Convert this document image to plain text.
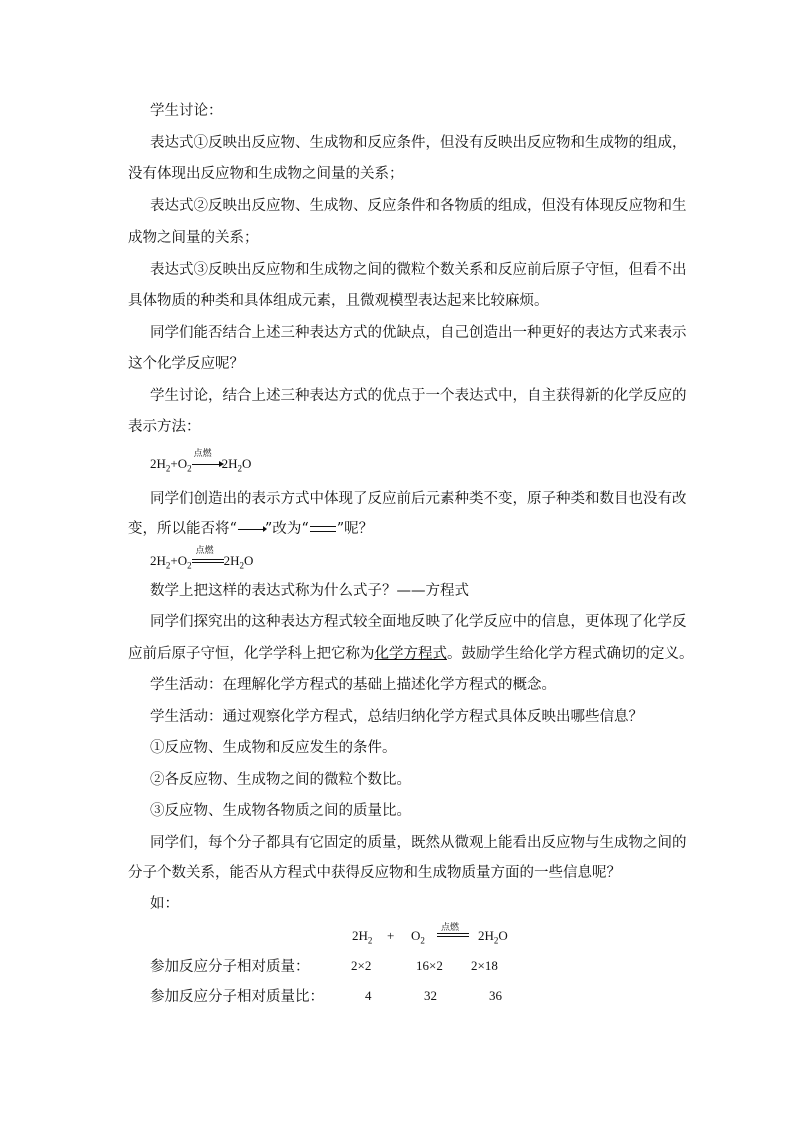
学生讨论：
表达式①反映出反应物、生成物和反应条件，但没有反映出反应物和生成物的组成，
没有体现出反应物和生成物之间量的关系；
表达式②反映出反应物、生成物、反应条件和各物质的组成，但没有体现反应物和生
成物之间量的关系；
表达式③反映出反应物和生成物之间的微粒个数关系和反应前后原子守恒，但看不出
具体物质的种类和具体组成元素，且微观模型表达起来比较麻烦。
同学们能否结合上述三种表达方式的优缺点，自己创造出一种更好的表达方式来表示
这个化学反应呢？
学生讨论，结合上述三种表达方式的优点于一个表达式中，自主获得新的化学反应的
表示方法：
$2H_2+O_2$
点燃
$2H_2O$
同学们创造出的表示方式中体现了反应前后元素种类不变，原子种类和数目也没有改
变，所以能否将“ ”改为“ ”呢？
$2H_2+O_2$
点燃
$2H_2O$
数学上把这样的表达式称为什么式子？——方程式
同学们探究出的这种表达方程式较全面地反映了化学反应中的信息，更体现了化学反
应前后原子守恒，化学学科上把它称为化学方程式。鼓励学生给化学方程式确切的定义。
学生活动：在理解化学方程式的基础上描述化学方程式的概念。
学生活动：通过观察化学方程式，总结归纳化学方程式具体反映出哪些信息？
①反应物、生成物和反应发生的条件。
②各反应物、生成物之间的微粒个数比。
③反应物、生成物各物质之间的质量比。
同学们，每个分子都具有它固定的质量，既然从微观上能看出反应物与生成物之间的
分子个数关系，能否从方程式中获得反应物和生成物质量方面的一些信息呢？
如：
$2H_2 + O_2$
点燃
$2H_2O$
参加反应分子相对质量：	2×2	16×2 2×18
参加反应分子相对质量比：	4	32	36
